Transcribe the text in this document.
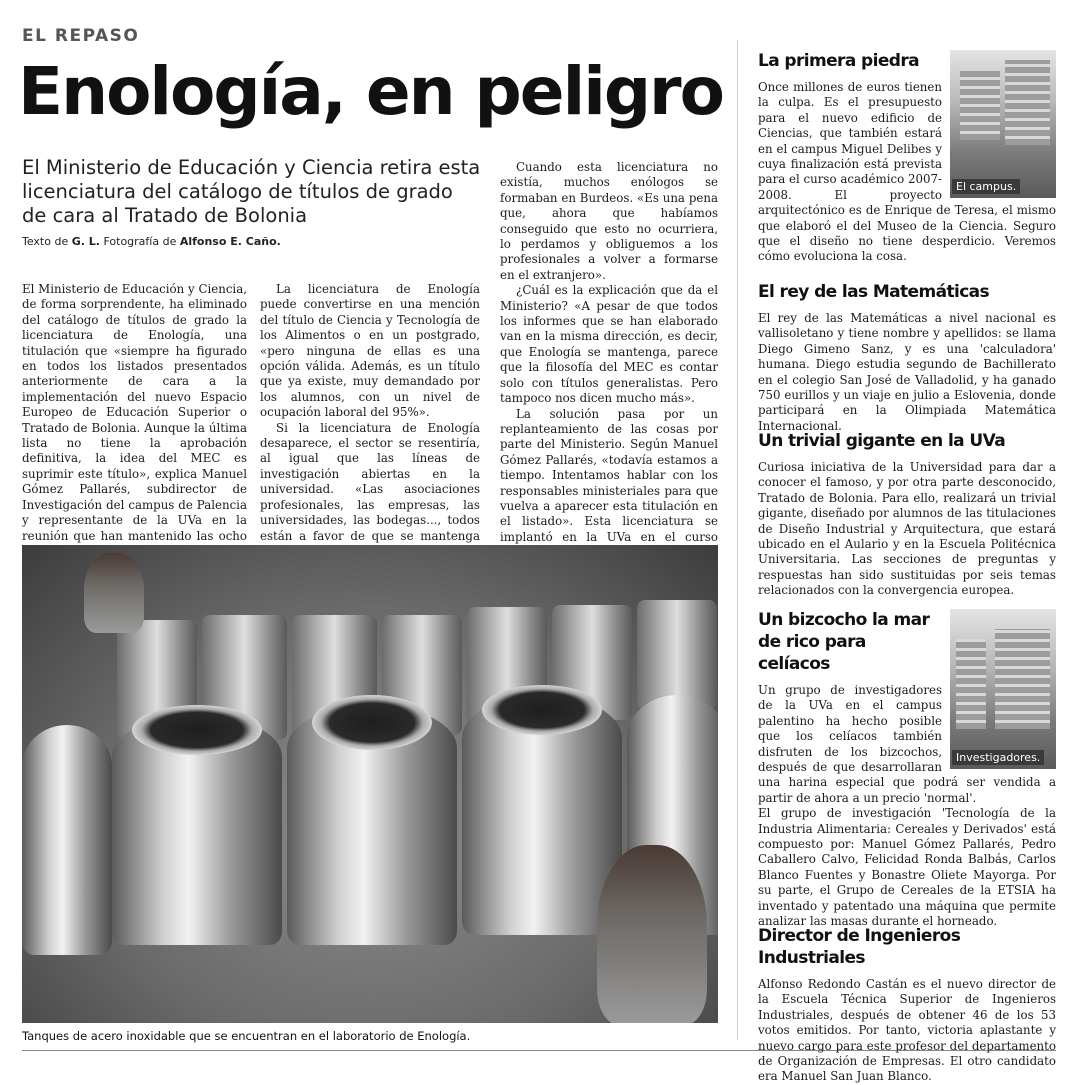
EL REPASO
Enología, en peligro
El Ministerio de Educación y Ciencia retira esta licenciatura del catálogo de títulos de grado de cara al Tratado de Bolonia
Texto de G. L. Fotografía de Alfonso E. Caño.

El Ministerio de Educación y Ciencia, de forma sorprendente, ha eliminado del catálogo de títulos de grado la licenciatura de Enología, una titulación que «siempre ha figurado en todos los listados presentados anteriormente de cara a la implementación del nuevo Espacio Europeo de Educación Superior o Tratado de Bolonia. Aunque la última lista no tiene la aprobación definitiva, la idea del MEC es suprimir este título», explica Manuel Gómez Pallarés, subdirector de Investigación del campus de Palencia y representante de la UVa en la reunión que han mantenido las ocho

La licenciatura de Enología puede convertirse en una mención del título de Ciencia y Tecnología de los Alimentos o en un postgrado, «pero ninguna de ellas es una opción válida. Además, es un título que ya existe, muy demandado por los alumnos, con un nivel de ocupación laboral del 95%».

Si la licenciatura de Enología desaparece, el sector se resentiría, al igual que las líneas de investigación abiertas en la universidad. «Las asociaciones profesionales, las empresas, las universidades, las bodegas..., todos están a favor de que se mantenga

Cuando esta licenciatura no existía, muchos enólogos se formaban en Burdeos. «Es una pena que, ahora que habíamos conseguido que esto no ocurriera, lo perdamos y obliguemos a los profesionales a volver a formarse en el extranjero».

¿Cuál es la explicación que da el Ministerio? «A pesar de que todos los informes que se han elaborado van en la misma dirección, es decir, que Enología se mantenga, parece que la filosofía del MEC es contar solo con títulos generalistas. Pero tampoco nos dicen mucho más».

La solución pasa por un replanteamiento de las cosas por parte del Ministerio. Según Manuel Gómez Pallarés, «todavía estamos a tiempo. Intentamos hablar con los responsables ministeriales para que vuelva a aparecer esta titulación en el listado». Esta licenciatura se implantó en la UVa en el curso

Tanques de acero inoxidable que se encuentran en el laboratorio de Enología.
El campus.
La primera piedra

Once millones de euros tienen la culpa. Es el presupuesto para el nuevo edificio de Ciencias, que también estará en el campus Miguel Delibes y cuya finalización está prevista para el curso académico 2007-2008. El proyecto arquitectónico es de Enrique de Teresa, el mismo que elaboró el del Museo de la Ciencia. Seguro que el diseño no tiene desperdicio. Veremos cómo evoluciona la cosa.

El rey de las Matemáticas

El rey de las Matemáticas a nivel nacional es vallisoletano y tiene nombre y apellidos: se llama Diego Gimeno Sanz, y es una 'calculadora' humana. Diego estudia segundo de Bachillerato en el colegio San José de Valladolid, y ha ganado 750 eurillos y un viaje en julio a Eslovenia, donde participará en la Olimpiada Matemática Internacional.

Un trivial gigante en la UVa

Curiosa iniciativa de la Universidad para dar a conocer el famoso, y por otra parte desconocido, Tratado de Bolonia. Para ello, realizará un trivial gigante, diseñado por alumnos de las titulaciones de Diseño Industrial y Arquitectura, que estará ubicado en el Aulario y en la Escuela Politécnica Universitaria. Las secciones de preguntas y respuestas han sido sustituidas por seis temas relacionados con la convergencia europea.

Investigadores.
Un bizcocho la mar de rico para celíacos

Un grupo de investigadores de la UVa en el campus palentino ha hecho posible que los celíacos también disfruten de los bizcochos, después de que desarrollaran una harina especial que podrá ser vendida a partir de ahora a un precio 'normal'.

El grupo de investigación 'Tecnología de la Industria Alimentaria: Cereales y Derivados' está compuesto por: Manuel Gómez Pallarés, Pedro Caballero Calvo, Felicidad Ronda Balbás, Carlos Blanco Fuentes y Bonastre Oliete Mayorga. Por su parte, el Grupo de Cereales de la ETSIA ha inventado y patentado una máquina que permite analizar las masas durante el horneado.

Director de Ingenieros Industriales

Alfonso Redondo Castán es el nuevo director de la Escuela Técnica Superior de Ingenieros Industriales, después de obtener 46 de los 53 votos emitidos. Por tanto, victoria aplastante y nuevo cargo para este profesor del departamento de Organización de Empresas. El otro candidato era Manuel San Juan Blanco.
